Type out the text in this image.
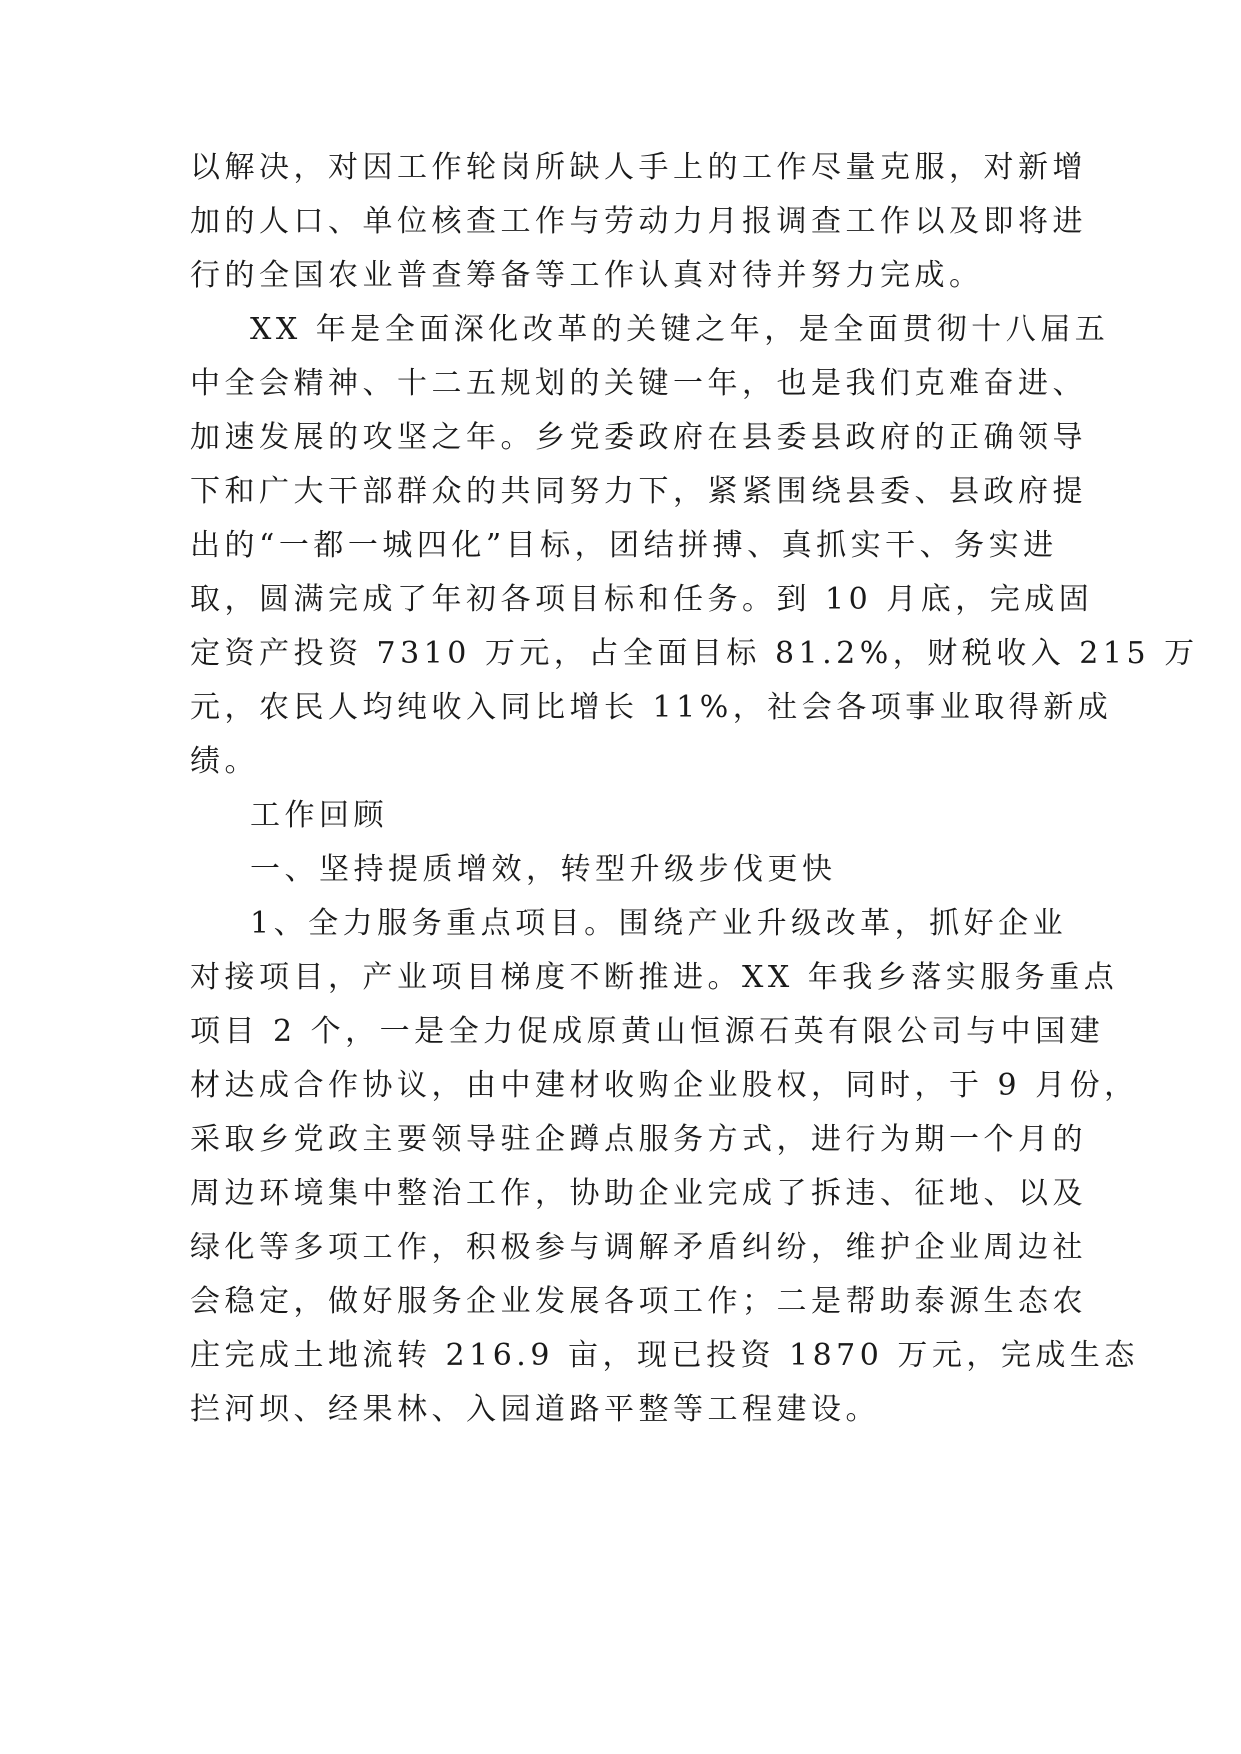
以解决，对因工作轮岗所缺人手上的工作尽量克服，对新增
加的人口、单位核查工作与劳动力月报调查工作以及即将进
行的全国农业普查筹备等工作认真对待并努力完成。
XX 年是全面深化改革的关键之年，是全面贯彻十八届五
中全会精神、十二五规划的关键一年，也是我们克难奋进、
加速发展的攻坚之年。乡党委政府在县委县政府的正确领导
下和广大干部群众的共同努力下，紧紧围绕县委、县政府提
出的“一都一城四化”目标，团结拼搏、真抓实干、务实进
取，圆满完成了年初各项目标和任务。到 10 月底，完成固
定资产投资 7310 万元，占全面目标 81.2%，财税收入 215 万
元，农民人均纯收入同比增长 11%，社会各项事业取得新成
绩。
工作回顾
一、坚持提质增效，转型升级步伐更快
1、全力服务重点项目。围绕产业升级改革，抓好企业
对接项目，产业项目梯度不断推进。XX 年我乡落实服务重点
项目 2 个，一是全力促成原黄山恒源石英有限公司与中国建
材达成合作协议，由中建材收购企业股权，同时，于 9 月份，
采取乡党政主要领导驻企蹲点服务方式，进行为期一个月的
周边环境集中整治工作，协助企业完成了拆违、征地、以及
绿化等多项工作，积极参与调解矛盾纠纷，维护企业周边社
会稳定，做好服务企业发展各项工作；二是帮助泰源生态农
庄完成土地流转 216.9 亩，现已投资 1870 万元，完成生态
拦河坝、经果林、入园道路平整等工程建设。
